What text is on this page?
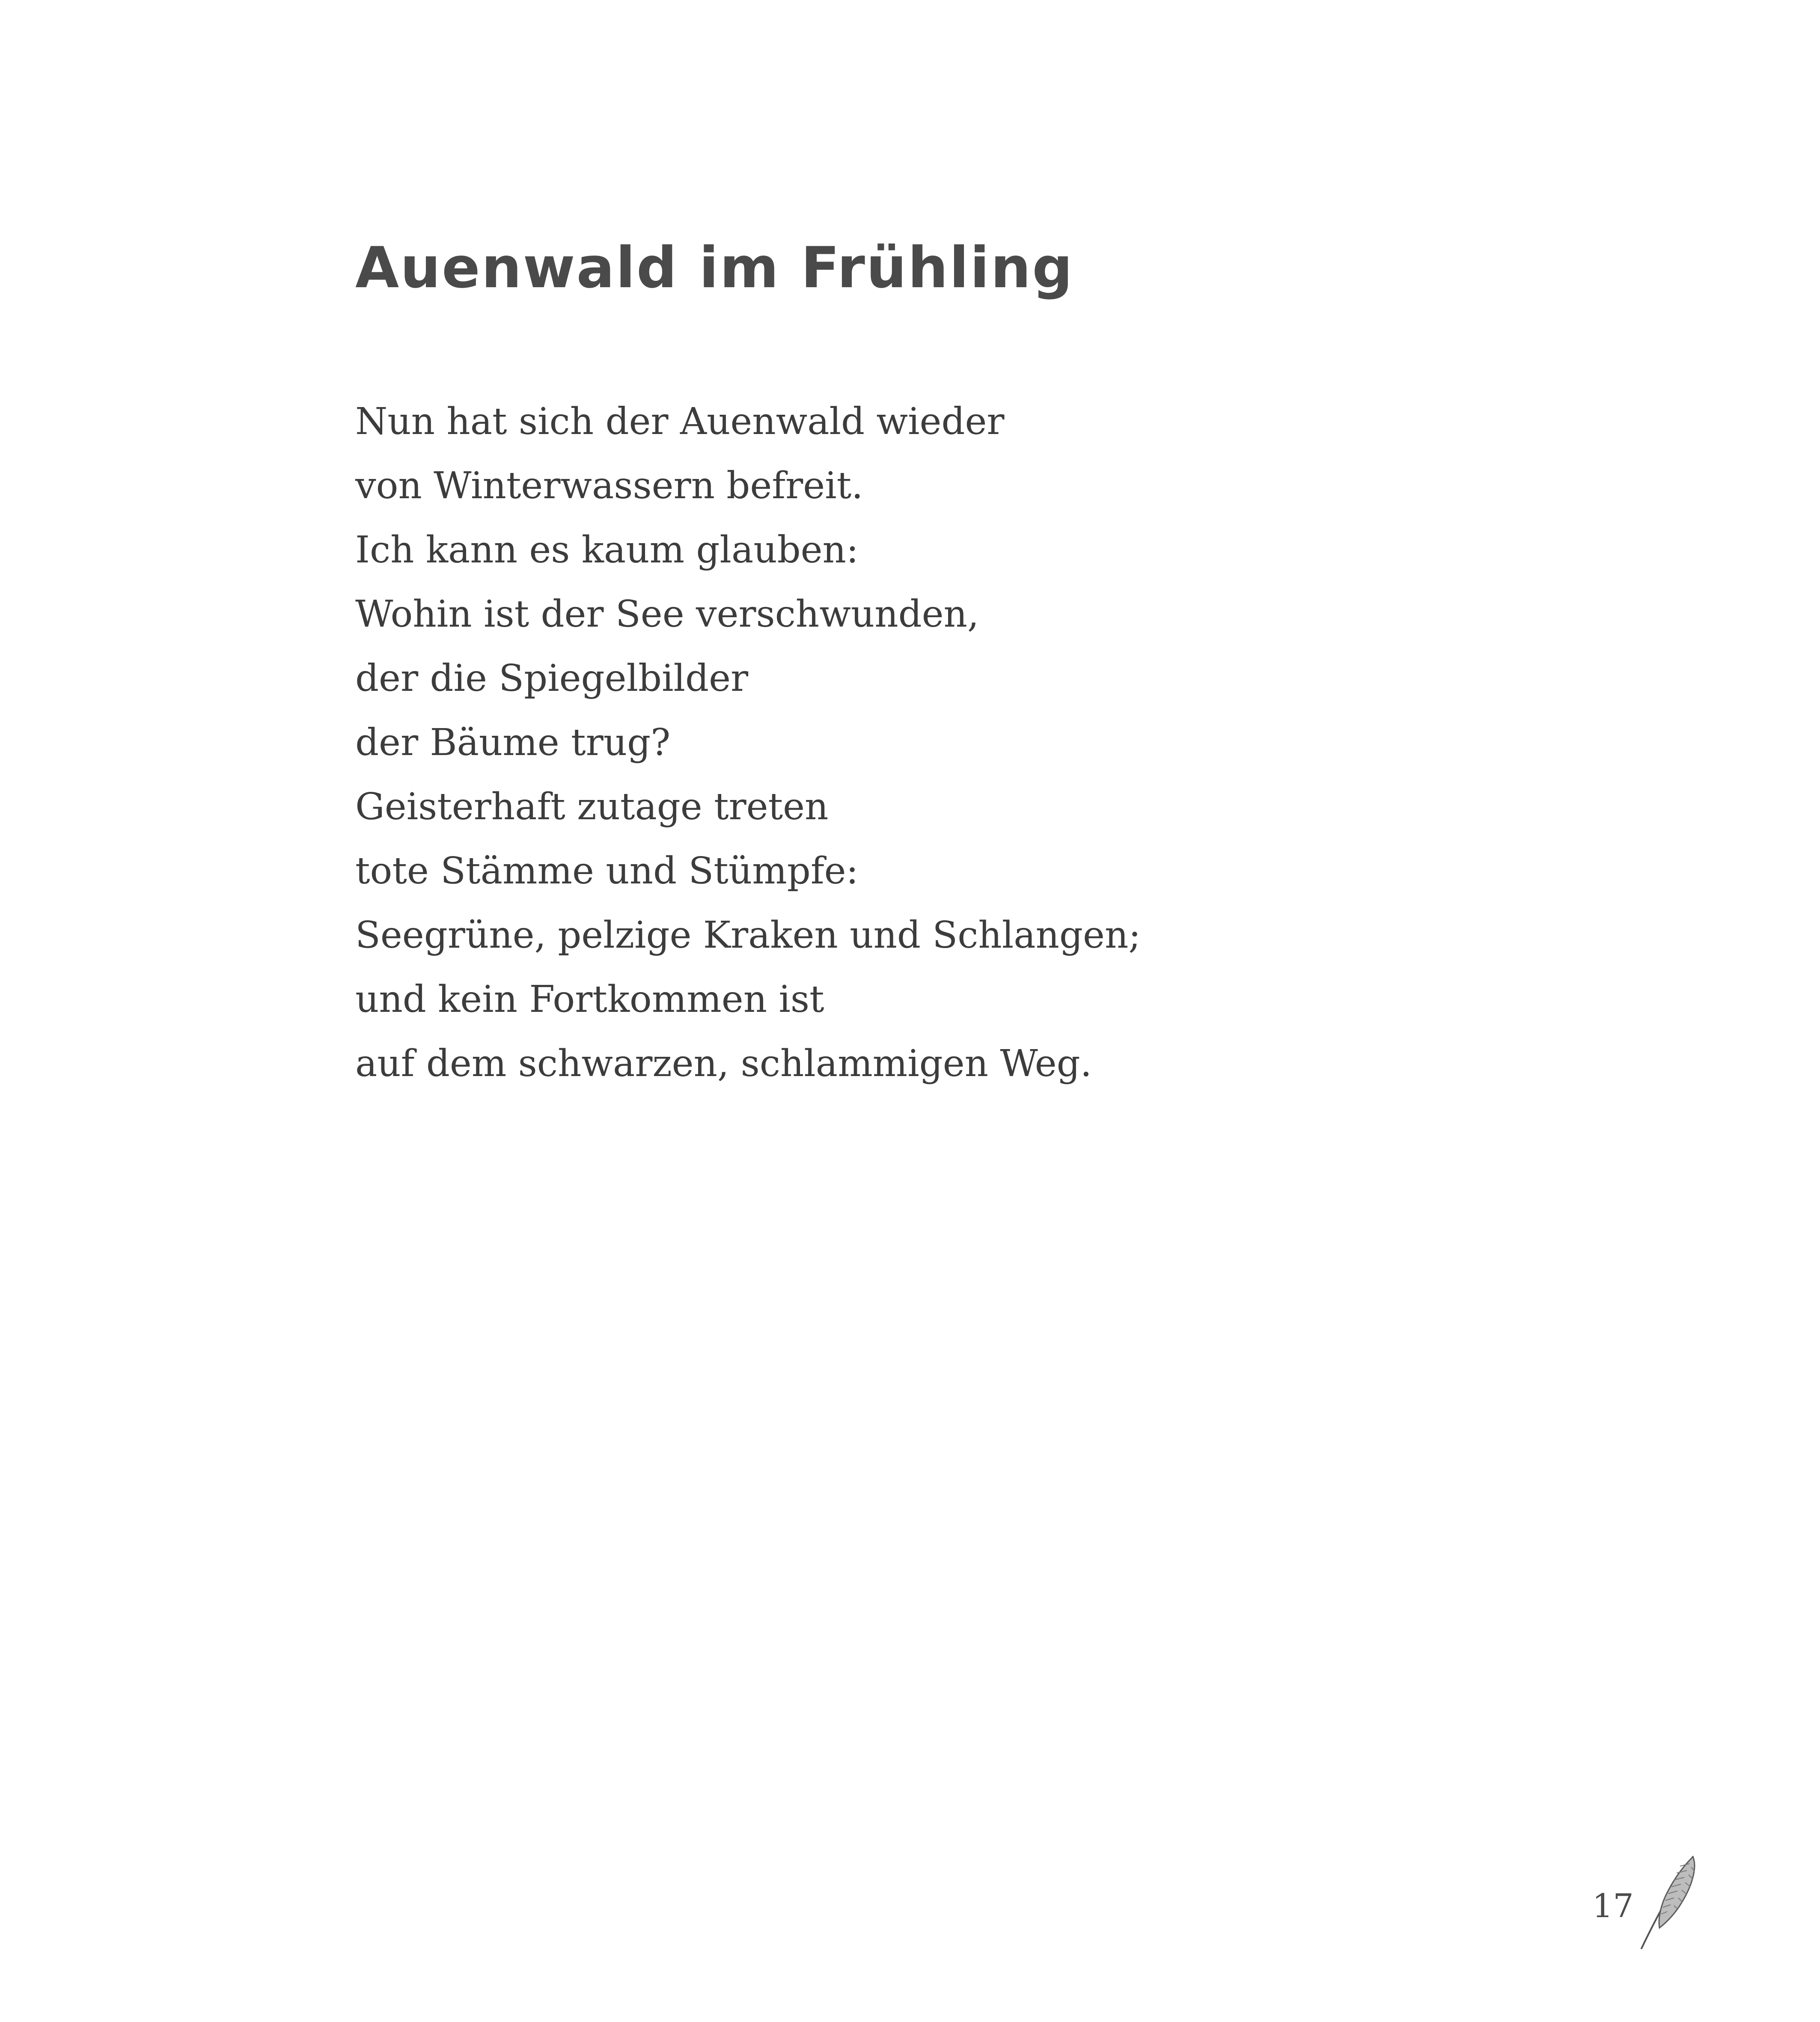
Auenwald im Frühling
Nun hat sich der Auenwald wieder
von Winterwassern befreit.
Ich kann es kaum glauben:
Wohin ist der See verschwunden,
der die Spiegelbilder
der Bäume trug?
Geisterhaft zutage treten
tote Stämme und Stümpfe:
Seegrüne, pelzige Kraken und Schlangen;
und kein Fortkommen ist
auf dem schwarzen, schlammigen Weg.
17
